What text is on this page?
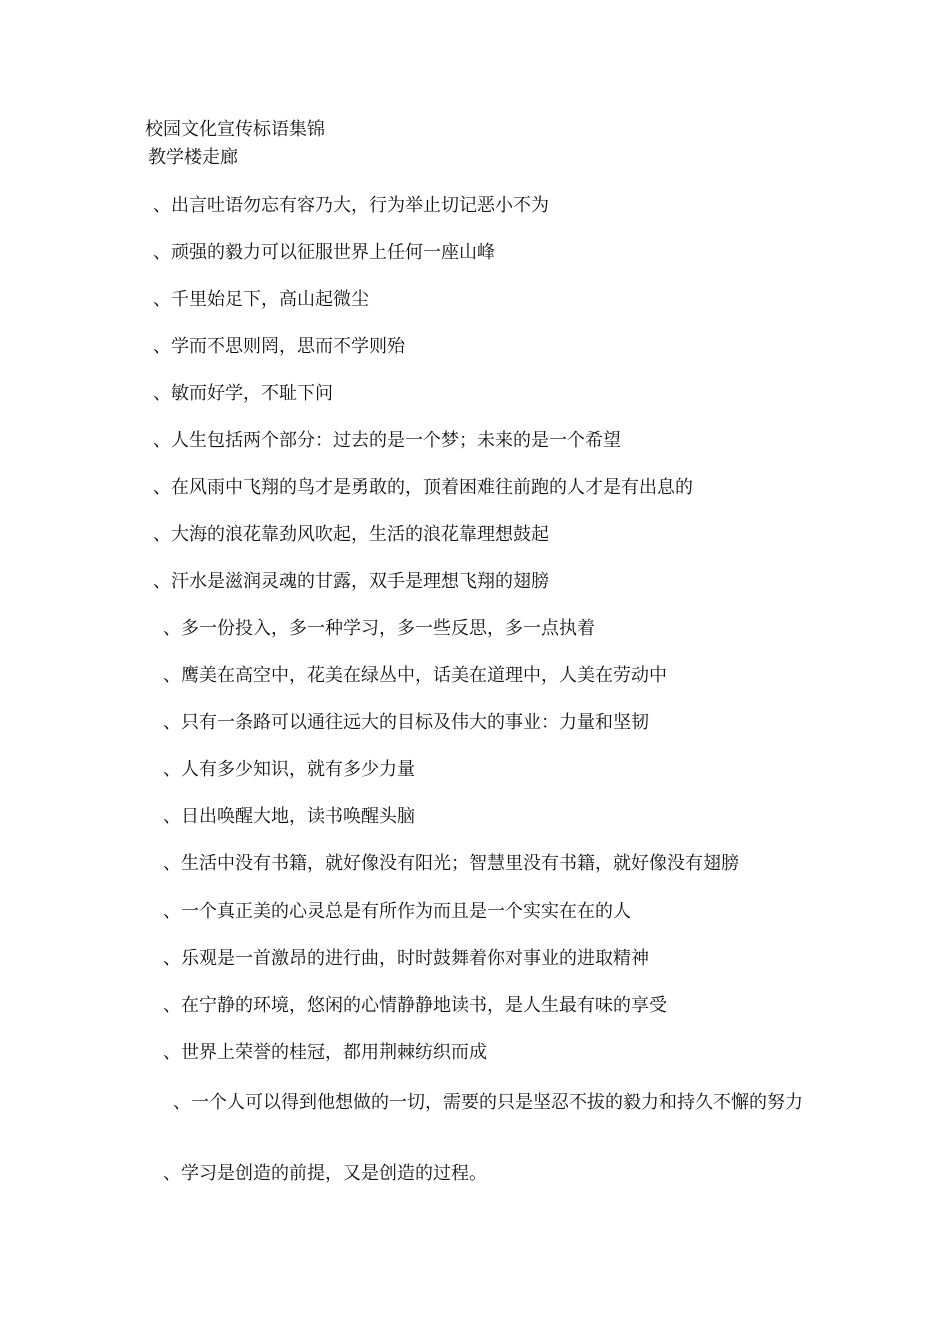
校园文化宣传标语集锦
教学楼走廊
、出言吐语勿忘有容乃大，行为举止切记恶小不为
、顽强的毅力可以征服世界上任何一座山峰
、千里始足下，高山起微尘
、学而不思则罔，思而不学则殆
、敏而好学，不耻下问
、人生包括两个部分：过去的是一个梦；未来的是一个希望
、在风雨中飞翔的鸟才是勇敢的，顶着困难往前跑的人才是有出息的
、大海的浪花靠劲风吹起，生活的浪花靠理想鼓起
、汗水是滋润灵魂的甘露，双手是理想飞翔的翅膀
、多一份投入，多一种学习，多一些反思，多一点执着
、鹰美在高空中，花美在绿丛中，话美在道理中，人美在劳动中
、只有一条路可以通往远大的目标及伟大的事业：力量和坚韧
、人有多少知识，就有多少力量
、日出唤醒大地，读书唤醒头脑
、生活中没有书籍，就好像没有阳光；智慧里没有书籍，就好像没有翅膀
、一个真正美的心灵总是有所作为而且是一个实实在在的人
、乐观是一首激昂的进行曲，时时鼓舞着你对事业的进取精神
、在宁静的环境，悠闲的心情静静地读书，是人生最有味的享受
、世界上荣誉的桂冠，都用荆棘纺织而成
、一个人可以得到他想做的一切，需要的只是坚忍不拔的毅力和持久不懈的努力
、学习是创造的前提，又是创造的过程。
